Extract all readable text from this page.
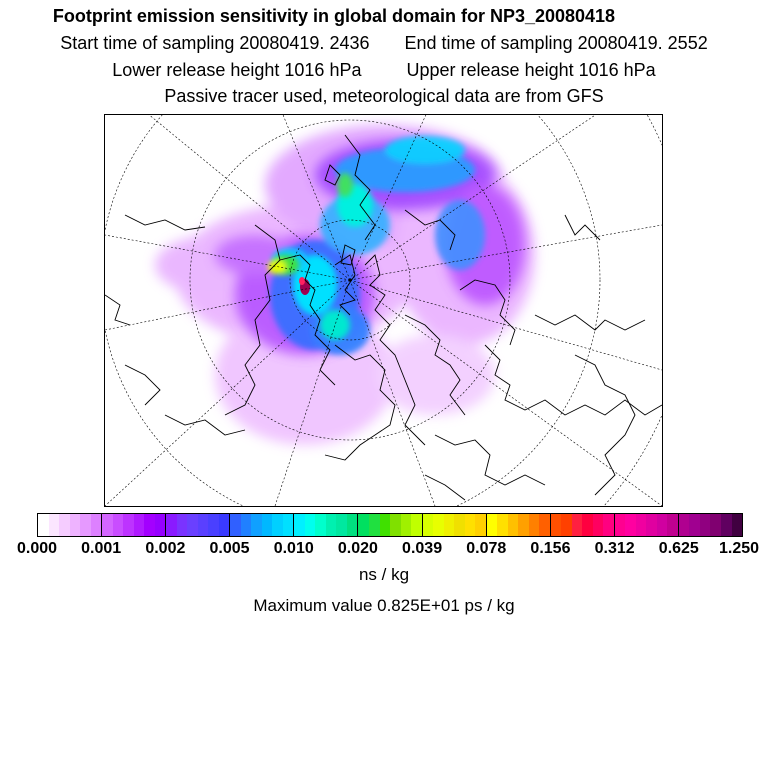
Footprint emission sensitivity in global domain for NP3_20080418
Start time of sampling 20080419. 2436 End time of sampling 20080419. 2552
Lower release height 1016 hPa	Upper release height 1016 hPa
Passive tracer used, meteorological data are from GFS
0.000 0.001 0.002 0.005 0.010 0.020 0.039 0.078 0.156 0.312 0.625 1.250
ns / kg
Maximum value 0.825E+01 ps / kg
